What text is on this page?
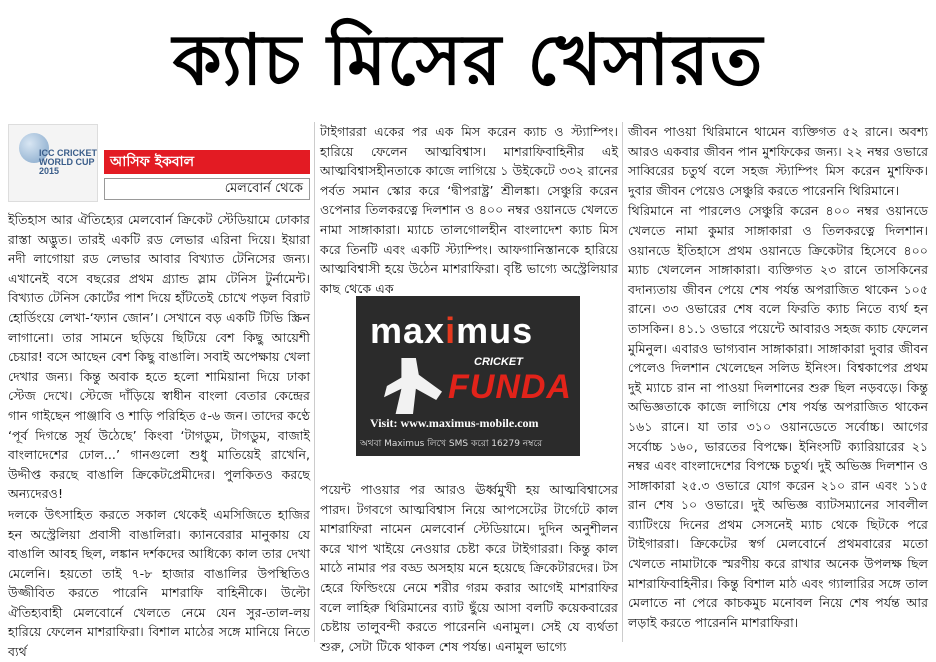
ক্যাচ মিসের খেসারত
ICC CRICKET WORLD CUP 2015
আসিফ ইকবাল
মেলবোর্ন থেকে

ইতিহাস আর ঐতিহ্যের মেলবোর্ন ক্রিকেট স্টেডিয়ামে ঢোকার রাস্তা অদ্ভুত। তারই একটি রড লেভার এরিনা দিয়ে। ইয়ারা নদী লাগোয়া রড লেভার আবার বিখ্যাত টেনিসের জন্য। এখানেই বসে বছরের প্রথম গ্র্যান্ড স্লাম টেনিস টুর্নামেন্ট। বিখ্যাত টেনিস কোর্টের পাশ দিয়ে হাঁটতেই চোখে পড়ল বিরাট হোর্ডিংয়ে লেখা-‘ফ্যান জোন’। সেখানে বড় একটি টিভি স্ক্রিন লাগানো। তার সামনে ছড়িয়ে ছিটিয়ে বেশ কিছু আয়েশী চেয়ার! বসে আছেন বেশ কিছু বাঙালি। সবাই অপেক্ষায় খেলা দেখার জন্য। কিন্তু অবাক হতে হলো শামিয়ানা দিয়ে ঢাকা স্টেজ দেখে। স্টেজে দাঁড়িয়ে স্বাধীন বাংলা বেতার কেন্দ্রের গান গাইছেন পাঞ্জাবি ও শাড়ি পরিহিত ৫-৬ জন। তাদের কণ্ঠে ‘পূর্ব দিগন্তে সূর্য উঠেছে’ কিংবা ‘টাগডুম, টাগডুম, বাজাই বাংলাদেশের ঢোল...’ গানগুলো শুধু মাতিয়েই রাখেনি, উদ্দীপ্ত করছে বাঙালি ক্রিকেটপ্রেমীদের। পুলকিতও করছে অন্যদেরও!

দলকে উৎসাহিত করতে সকাল থেকেই এমসিজিতে হাজির হন অস্ট্রেলিয়া প্রবাসী বাঙালিরা। ক্যানবেরার মানুকায় যে বাঙালি আবহ ছিল, লঙ্কান দর্শকদের আধিক্যে কাল তার দেখা মেলেনি। হয়তো তাই ৭-৮ হাজার বাঙালির উপস্থিতিও উজ্জীবিত করতে পারেনি মাশরাফি বাহিনীকে। উল্টো ঐতিহ্যবাহী মেলবোর্নে খেলতে নেমে যেন সুর-তাল-লয় হারিয়ে ফেলেন মাশরাফিরা। বিশাল মাঠের সঙ্গে মানিয়ে নিতে ব্যর্থ

টাইগাররা একের পর এক মিস করেন ক্যাচ ও স্ট্যাম্পিং। হারিয়ে ফেলেন আত্মবিশ্বাস। মাশরাফিবাহিনীর এই আত্মবিশ্বাসহীনতাকে কাজে লাগিয়ে ১ উইকেটে ৩৩২ রানের পর্বত সমান স্কোর করে ‘দ্বীপরাষ্ট্র’ শ্রীলঙ্কা। সেঞ্চুরি করেন ওপেনার তিলকরত্নে দিলশান ও ৪০০ নম্বর ওয়ানডে খেলতে নামা সাঙ্গাকারা। ম্যাচে তালগোলহীন বাংলাদেশ ক্যাচ মিস করে তিনটি এবং একটি স্ট্যাম্পিং। আফগানিস্তানকে হারিয়ে আত্মবিশ্বাসী হয়ে উঠেন মাশরাফিরা। বৃষ্টি ভাগ্যে অস্ট্রেলিয়ার কাছ থেকে এক

maximus
CRICKET
FUNDA
Visit: www.maximus-mobile.com
অথবা Maximus লিখে SMS করো 16279 নম্বরে

পয়েন্ট পাওয়ার পর আরও ঊর্ধ্বমুখী হয় আত্মবিশ্বাসের পারদ। টগবগে আত্মবিশ্বাস নিয়ে আপসেটের টার্গেটে কাল মাশরাফিরা নামেন মেলবোর্ন স্টেডিয়ামে। দুদিন অনুশীলন করে খাপ খাইয়ে নেওয়ার চেষ্টা করে টাইগাররা। কিন্তু কাল মাঠে নামার পর বড্ড অসহায় মনে হয়েছে ক্রিকেটারদের। টস হেরে ফিল্ডিংয়ে নেমে শরীর গরম করার আগেই মাশরাফির বলে লাহিরু থিরিমানের ব্যাট ছুঁয়ে আসা বলটি কয়েকবারের চেষ্টায় তালুবন্দী করতে পারেননি এনামুল। সেই যে ব্যর্থতা শুরু, সেটা টিকে থাকল শেষ পর্যন্ত। এনামুল ভাগ্যে

জীবন পাওয়া থিরিমানে থামেন ব্যক্তিগত ৫২ রানে। অবশ্য আরও একবার জীবন পান মুশফিকের জন্য। ২২ নম্বর ওভারে সাব্বিরের চতুর্থ বলে সহজ স্ট্যাম্পিং মিস করেন মুশফিক। দুবার জীবন পেয়েও সেঞ্চুরি করতে পারেননি থিরিমানে।

থিরিমানে না পারলেও সেঞ্চুরি করেন ৪০০ নম্বর ওয়ানডে খেলতে নামা কুমার সাঙ্গাকারা ও তিলকরত্নে দিলশান। ওয়ানডে ইতিহাসে প্রথম ওয়ানডে ক্রিকেটার হিসেবে ৪০০ ম্যাচ খেললেন সাঙ্গাকারা। ব্যক্তিগত ২৩ রানে তাসকিনের বদান্যতায় জীবন পেয়ে শেষ পর্যন্ত অপরাজিত থাকেন ১০৫ রানে। ৩৩ ওভারের শেষ বলে ফিরতি ক্যাচ নিতে ব্যর্থ হন তাসকিন। ৪১.১ ওভারে পয়েন্টে আবারও সহজ ক্যাচ ফেলেন মুমিনুল। এবারও ভাগ্যবান সাঙ্গাকারা। সাঙ্গাকারা দুবার জীবন পেলেও দিলশান খেলেছেন সলিড ইনিংস। বিশ্বকাপের প্রথম দুই ম্যাচে রান না পাওয়া দিলশানের শুরু ছিল নড়বড়ে। কিন্তু অভিজ্ঞতাকে কাজে লাগিয়ে শেষ পর্যন্ত অপরাজিত থাকেন ১৬১ রানে। যা তার ৩১০ ওয়ানডেতে সর্বোচ্চ। আগের সর্বোচ্চ ১৬০, ভারতের বিপক্ষে। ইনিংসটি ক্যারিয়ারের ২১ নম্বর এবং বাংলাদেশের বিপক্ষে চতুর্থ। দুই অভিজ্ঞ দিলশান ও সাঙ্গাকারা ২৫.৩ ওভারে যোগ করেন ২১০ রান এবং ১১৫ রান শেষ ১০ ওভারে। দুই অভিজ্ঞ ব্যাটসম্যানের সাবলীল ব্যাটিংয়ে দিনের প্রথম সেসনেই ম্যাচ থেকে ছিটকে পরে টাইগাররা। ক্রিকেটের স্বর্গ মেলবোর্নে প্রথমবারের মতো খেলতে নামাটাকে স্মরণীয় করে রাখার অনেক উপলক্ষ ছিল মাশরাফিবাহিনীর। কিন্তু বিশাল মাঠ এবং গ্যালারির সঙ্গে তাল মেলাতে না পেরে কাচকমুচ মনোবল নিয়ে শেষ পর্যন্ত আর লড়াই করতে পারেননি মাশরাফিরা।
